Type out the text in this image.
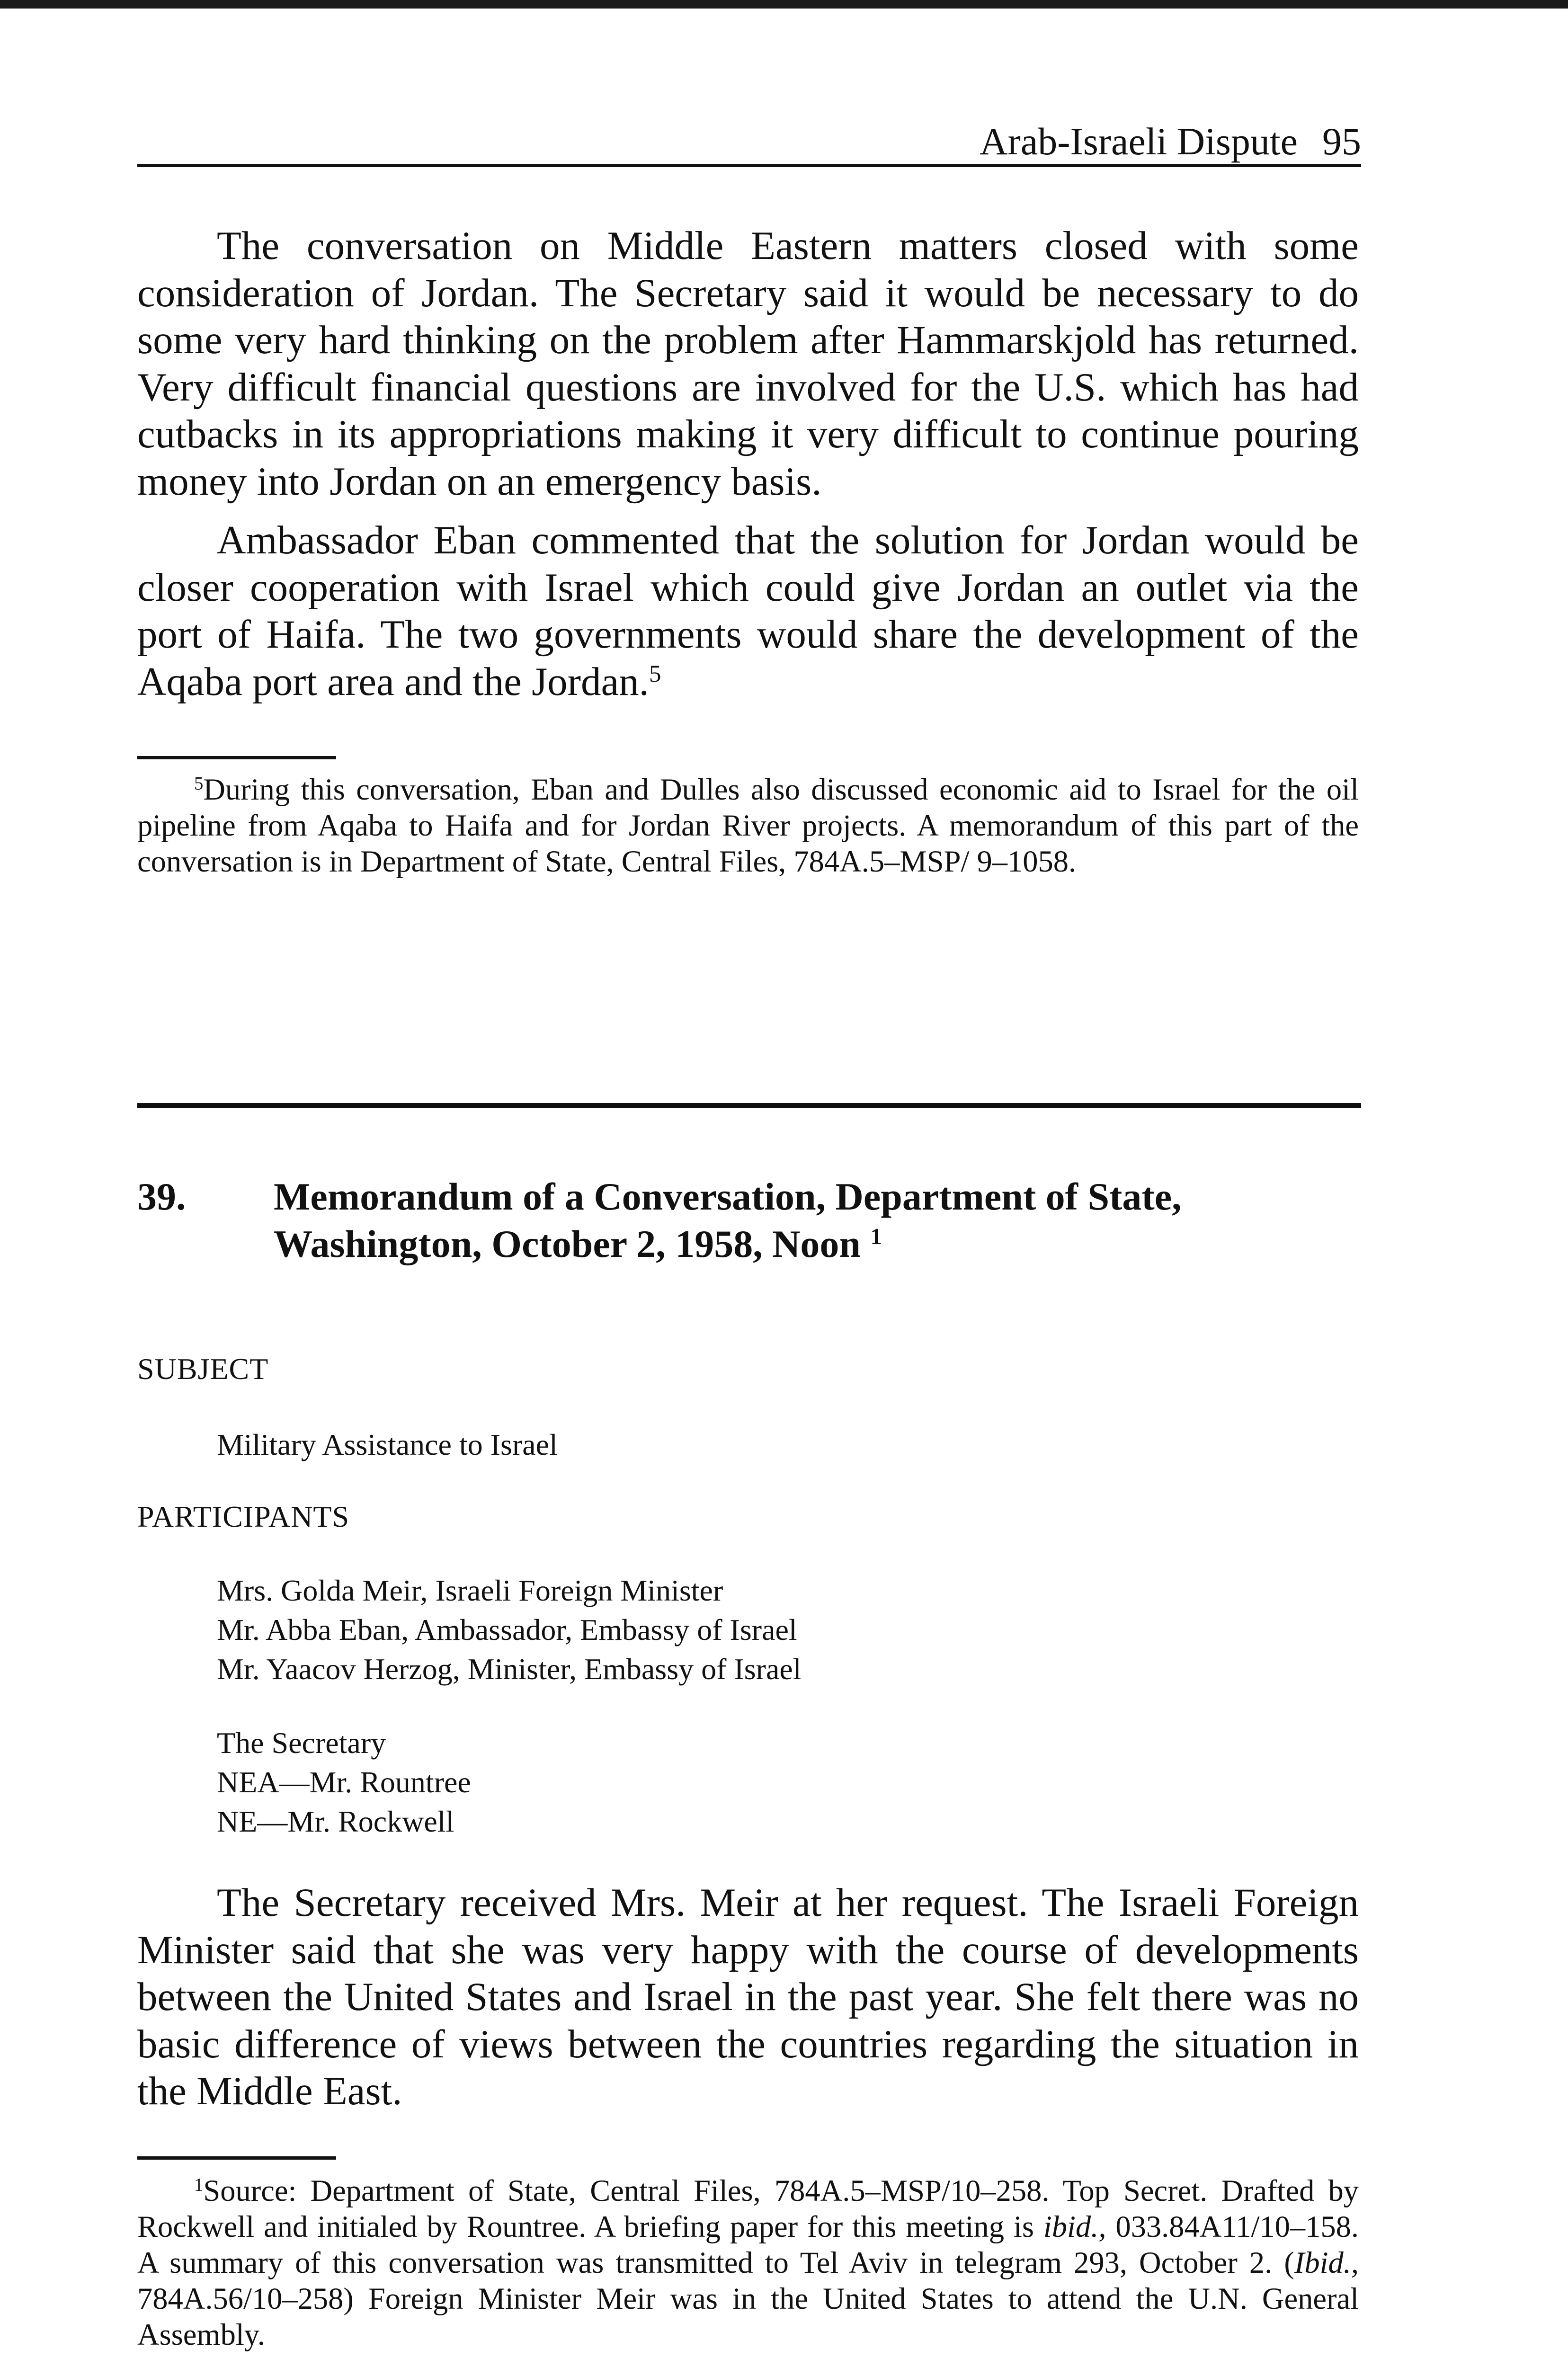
Arab-Israeli Dispute 95

The conversation on Middle Eastern matters closed with some consideration of Jordan. The Secretary said it would be necessary to do some very hard thinking on the problem after Hammarskjold has returned. Very difficult financial questions are involved for the U.S. which has had cutbacks in its appropriations making it very difficult to continue pouring money into Jordan on an emergency basis.

Ambassador Eban commented that the solution for Jordan would be closer cooperation with Israel which could give Jordan an outlet via the port of Haifa. The two governments would share the development of the Aqaba port area and the Jordan.$^5$

$^5$During this conversation, Eban and Dulles also discussed economic aid to Israel for the oil pipeline from Aqaba to Haifa and for Jordan River projects. A memorandum of this part of the conversation is in Department of State, Central Files, 784A.5–MSP/ 9–1058.

39. Memorandum of a Conversation, Department of State,
Washington, October 2, 1958, Noon $^1$
SUBJECT
Military Assistance to Israel
PARTICIPANTS
Mrs. Golda Meir, Israeli Foreign Minister
Mr. Abba Eban, Ambassador, Embassy of Israel
Mr. Yaacov Herzog, Minister, Embassy of Israel
The Secretary
NEA—Mr. Rountree
NE—Mr. Rockwell

The Secretary received Mrs. Meir at her request. The Israeli Foreign Minister said that she was very happy with the course of developments between the United States and Israel in the past year. She felt there was no basic difference of views between the countries regarding the situation in the Middle East.

$^1$Source: Department of State, Central Files, 784A.5–MSP/10–258. Top Secret. Drafted by Rockwell and initialed by Rountree. A briefing paper for this meeting is ibid., 033.84A11/10–158. A summary of this conversation was transmitted to Tel Aviv in telegram 293, October 2. (Ibid., 784A.56/10–258) Foreign Minister Meir was in the United States to attend the U.N. General Assembly.
